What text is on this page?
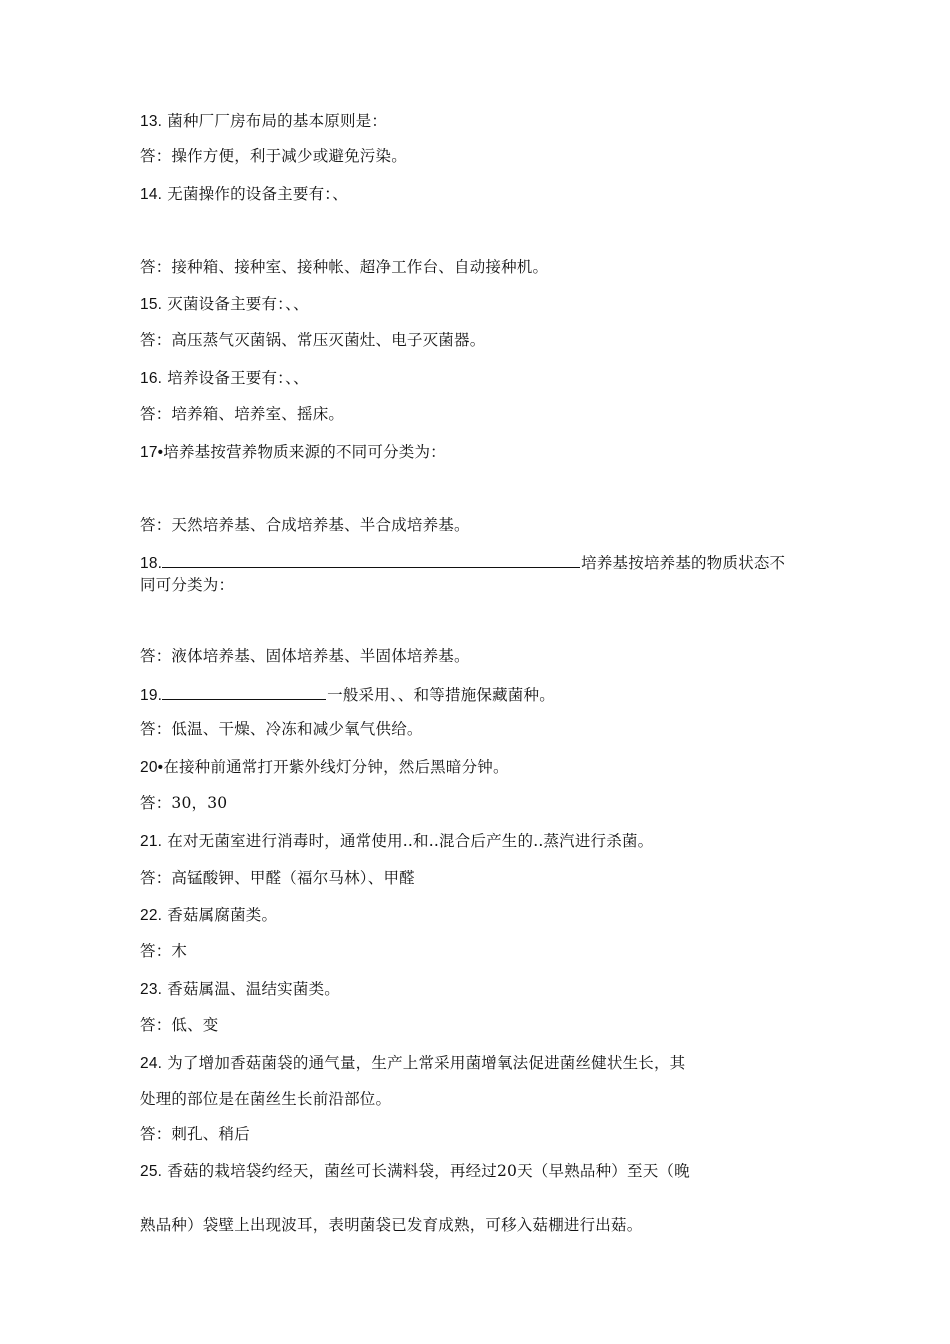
13. 菌种厂厂房布局的基本原则是：
答：操作方便，利于减少或避免污染。
14. 无菌操作的设备主要有：、
答：接种箱、接种室、接种帐、超净工作台、自动接种机。
15. 灭菌设备主要有：、、
答：高压蒸气灭菌锅、常压灭菌灶、电子灭菌器。
16. 培养设备王要有：、、
答：培养箱、培养室、摇床。
17•培养基按营养物质来源的不同可分类为：
答：天然培养基、合成培养基、半合成培养基。
18.	培养基按培养基的物质状态不
同可分类为：
答：液体培养基、固体培养基、半固体培养基。
19.	一般采用、、和等措施保藏菌种。
答：低温、干燥、冷冻和减少氧气供给。
20•在接种前通常打开紫外线灯分钟，然后黑暗分钟。
答：30，30
21. 在对无菌室进行消毒时，通常使用..和..混合后产生的..蒸汽进行杀菌。
答：高锰酸钾、甲醛（福尔马林）、甲醛
22. 香菇属腐菌类。
答：木
23. 香菇属温、温结实菌类。
答：低、变
24. 为了增加香菇菌袋的通气量，生产上常采用菌增氧法促进菌丝健状生长，其
处理的部位是在菌丝生长前沿部位。
答：刺孔、稍后
25. 香菇的栽培袋约经天，菌丝可长满料袋，再经过20天（早熟品种）至天（晚
熟品种）袋壁上出现波耳，表明菌袋已发育成熟，可移入菇棚进行出菇。
